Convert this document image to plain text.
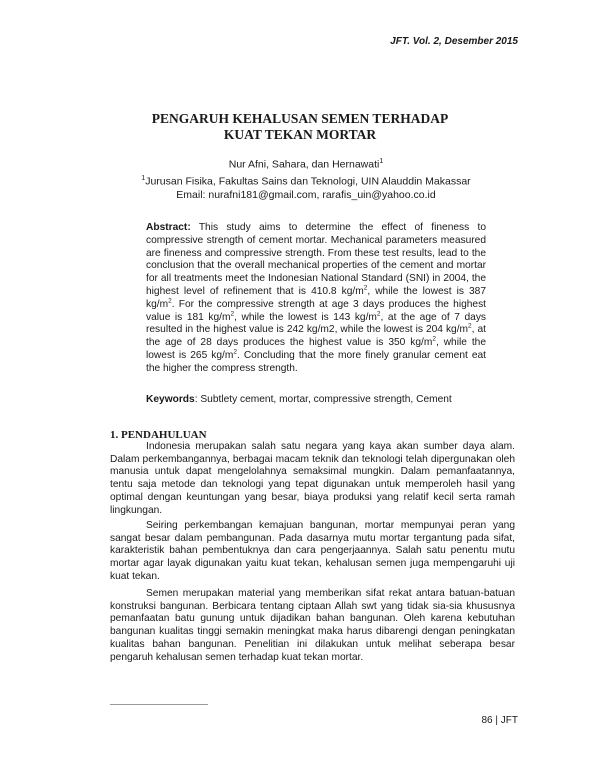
JFT. Vol. 2, Desember 2015
PENGARUH KEHALUSAN SEMEN TERHADAP
KUAT TEKAN MORTAR
Nur Afni, Sahara, dan Hernawati$^1$
$^1$Jurusan Fisika, Fakultas Sains dan Teknologi, UIN Alauddin Makassar
Email: nurafni181@gmail.com, rarafis_uin@yahoo.co.id
Abstract: This study aims to determine the effect of fineness to compressive strength of cement mortar. Mechanical parameters measured are fineness and compressive strength. From these test results, lead to the conclusion that the overall mechanical properties of the cement and mortar for all treatments meet the Indonesian National Standard (SNI) in 2004, the highest level of refinement that is 410.8 $kg/m^2$, while the lowest is 387 $kg/m^2$. For the compressive strength at age 3 days produces the highest value is 181 $kg/m^2$, while the lowest is 143 $kg/m^2$, at the age of 7 days resulted in the highest value is 242 kg/m2, while the lowest is 204 $kg/m^2$, at the age of 28 days produces the highest value is 350 $kg/m^2$, while the lowest is 265 $kg/m^2$. Concluding that the more finely granular cement eat the higher the compress strength.
Keywords: Subtlety cement, mortar, compressive strength, Cement
1. PENDAHULUAN

Indonesia merupakan salah satu negara yang kaya akan sumber daya alam. Dalam perkembangannya, berbagai macam teknik dan teknologi telah dipergunakan oleh manusia untuk dapat mengelolahnya semaksimal mungkin. Dalam pemanfaatannya, tentu saja metode dan teknologi yang tepat digunakan untuk memperoleh hasil yang optimal dengan keuntungan yang besar, biaya produksi yang relatif kecil serta ramah lingkungan.

Seiring perkembangan kemajuan bangunan, mortar mempunyai peran yang sangat besar dalam pembangunan. Pada dasarnya mutu mortar tergantung pada sifat, karakteristik bahan pembentuknya dan cara pengerjaannya. Salah satu penentu mutu mortar agar layak digunakan yaitu kuat tekan, kehalusan semen juga mempengaruhi uji kuat tekan.

Semen merupakan material yang memberikan sifat rekat antara batuan-batuan konstruksi bangunan. Berbicara tentang ciptaan Allah swt yang tidak sia-sia khususnya pemanfaatan batu gunung untuk dijadikan bahan bangunan. Oleh karena kebutuhan bangunan kualitas tinggi semakin meningkat maka harus dibarengi dengan peningkatan kualitas bahan bangunan. Penelitian ini dilakukan untuk melihat seberapa besar pengaruh kehalusan semen terhadap kuat tekan mortar.

86 | JFT
